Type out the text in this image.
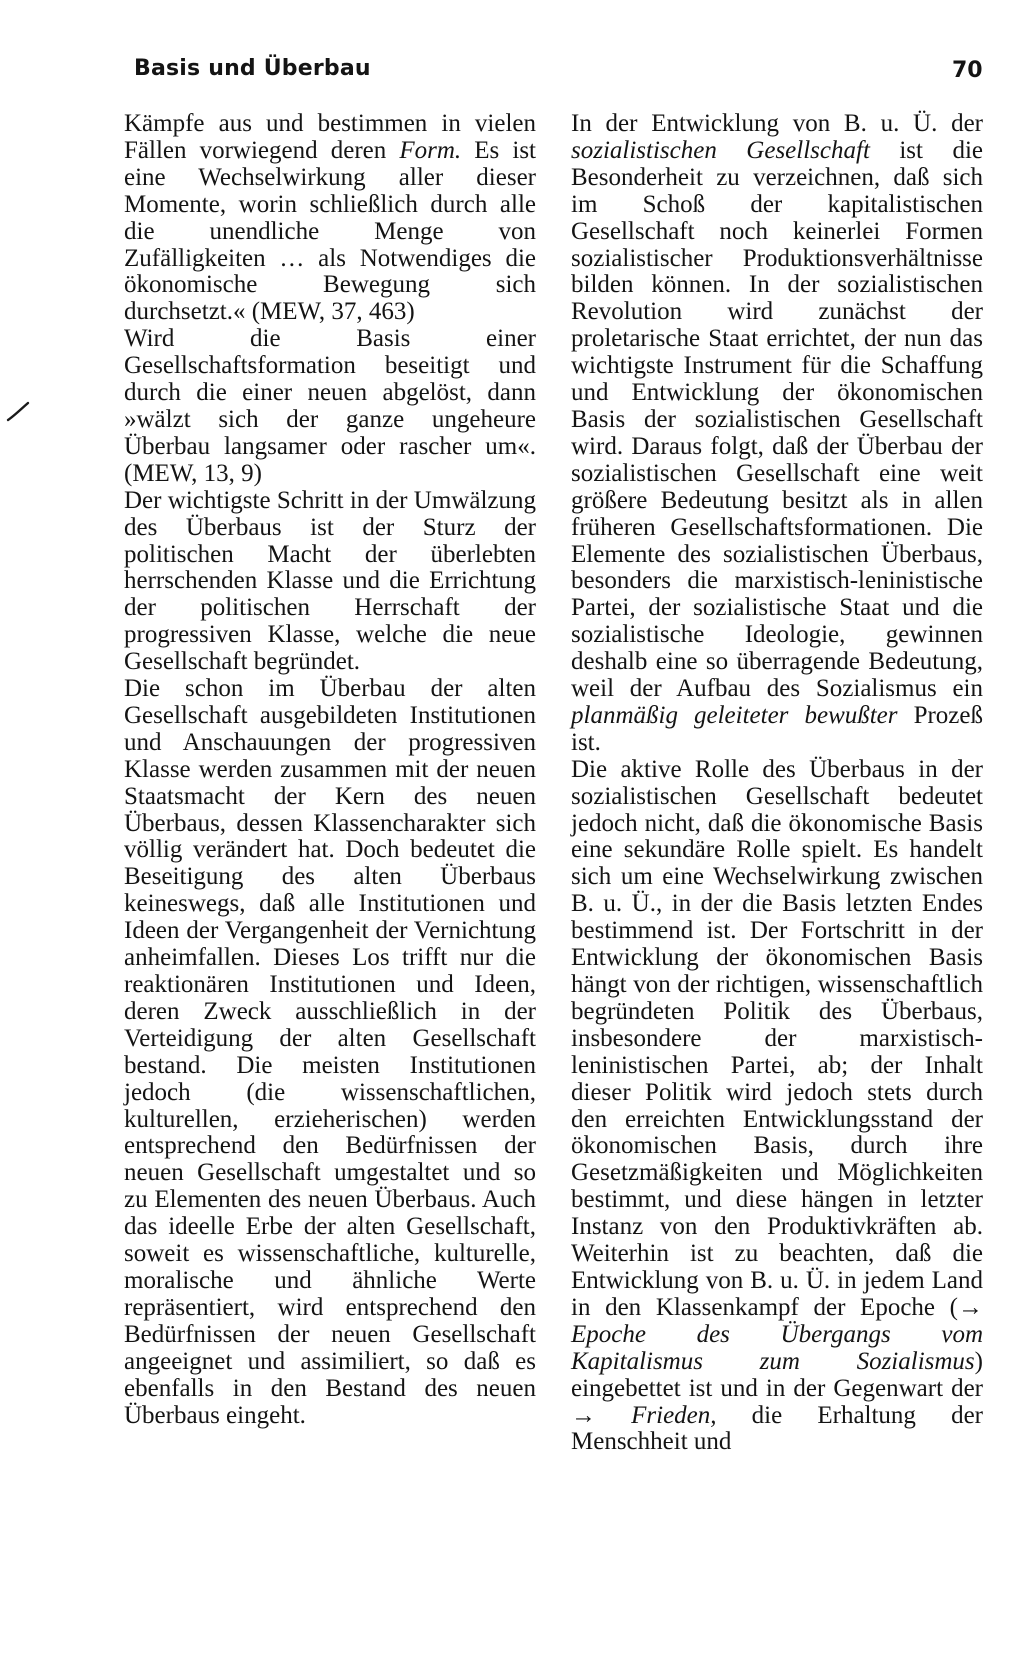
Basis und Überbau	70

Kämpfe aus und bestimmen in vielen Fällen vorwiegend deren Form. Es ist eine Wechselwirkung aller dieser Momente, worin schließlich durch alle die unendliche Menge von Zufälligkeiten … als Notwendiges die ökonomische Bewegung sich durchsetzt.« (MEW, 37, 463)

Wird die Basis einer Gesellschaftsformation beseitigt und durch die einer neuen abgelöst, dann »wälzt sich der ganze ungeheure Überbau langsamer oder rascher um«. (MEW, 13, 9)

Der wichtigste Schritt in der Umwälzung des Überbaus ist der Sturz der politischen Macht der überlebten herrschenden Klasse und die Errichtung der politischen Herrschaft der progressiven Klasse, welche die neue Gesellschaft begründet.

Die schon im Überbau der alten Gesellschaft ausgebildeten Institutionen und Anschauungen der progressiven Klasse werden zusammen mit der neuen Staatsmacht der Kern des neuen Überbaus, dessen Klassencharakter sich völlig verändert hat. Doch bedeutet die Beseitigung des alten Überbaus keineswegs, daß alle Institutionen und Ideen der Vergangenheit der Vernichtung anheimfallen. Dieses Los trifft nur die reaktionären Institutionen und Ideen, deren Zweck ausschließlich in der Verteidigung der alten Gesellschaft bestand. Die meisten Institutionen jedoch (die wissenschaftlichen, kulturellen, erzieherischen) werden entsprechend den Bedürfnissen der neuen Gesellschaft umgestaltet und so zu Elementen des neuen Überbaus. Auch das ideelle Erbe der alten Gesellschaft, soweit es wissenschaftliche, kulturelle, moralische und ähnliche Werte repräsentiert, wird entsprechend den Bedürfnissen der neuen Gesellschaft angeeignet und assimiliert, so daß es ebenfalls in den Bestand des neuen Überbaus eingeht.

In der Entwicklung von B. u. Ü. der sozialistischen Gesellschaft ist die Besonderheit zu verzeichnen, daß sich im Schoß der kapitalistischen Gesellschaft noch keinerlei Formen sozialistischer Produktionsverhältnisse bilden können. In der sozialistischen Revolution wird zunächst der proletarische Staat errichtet, der nun das wichtigste Instrument für die Schaffung und Entwicklung der ökonomischen Basis der sozialistischen Gesellschaft wird. Daraus folgt, daß der Überbau der sozialistischen Gesellschaft eine weit größere Bedeutung besitzt als in allen früheren Gesellschaftsformationen. Die Elemente des sozialistischen Überbaus, besonders die marxistisch-leninistische Partei, der sozialistische Staat und die sozialistische Ideologie, gewinnen deshalb eine so überragende Bedeutung, weil der Aufbau des Sozialismus ein planmäßig geleiteter bewußter Prozeß ist.

Die aktive Rolle des Überbaus in der sozialistischen Gesellschaft bedeutet jedoch nicht, daß die ökonomische Basis eine sekundäre Rolle spielt. Es handelt sich um eine Wechselwirkung zwischen B. u. Ü., in der die Basis letzten Endes bestimmend ist. Der Fortschritt in der Entwicklung der ökonomischen Basis hängt von der richtigen, wissenschaftlich begründeten Politik des Überbaus, insbesondere der marxistisch-leninistischen Partei, ab; der Inhalt dieser Politik wird jedoch stets durch den erreichten Entwicklungsstand der ökonomischen Basis, durch ihre Gesetzmäßigkeiten und Möglichkeiten bestimmt, und diese hängen in letzter Instanz von den Produktivkräften ab. Weiterhin ist zu beachten, daß die Entwicklung von B. u. Ü. in jedem Land in den Klassenkampf der Epoche (→ Epoche des Übergangs vom Kapitalismus zum Sozialismus) eingebettet ist und in der Gegenwart der → Frieden, die Erhaltung der Menschheit und
